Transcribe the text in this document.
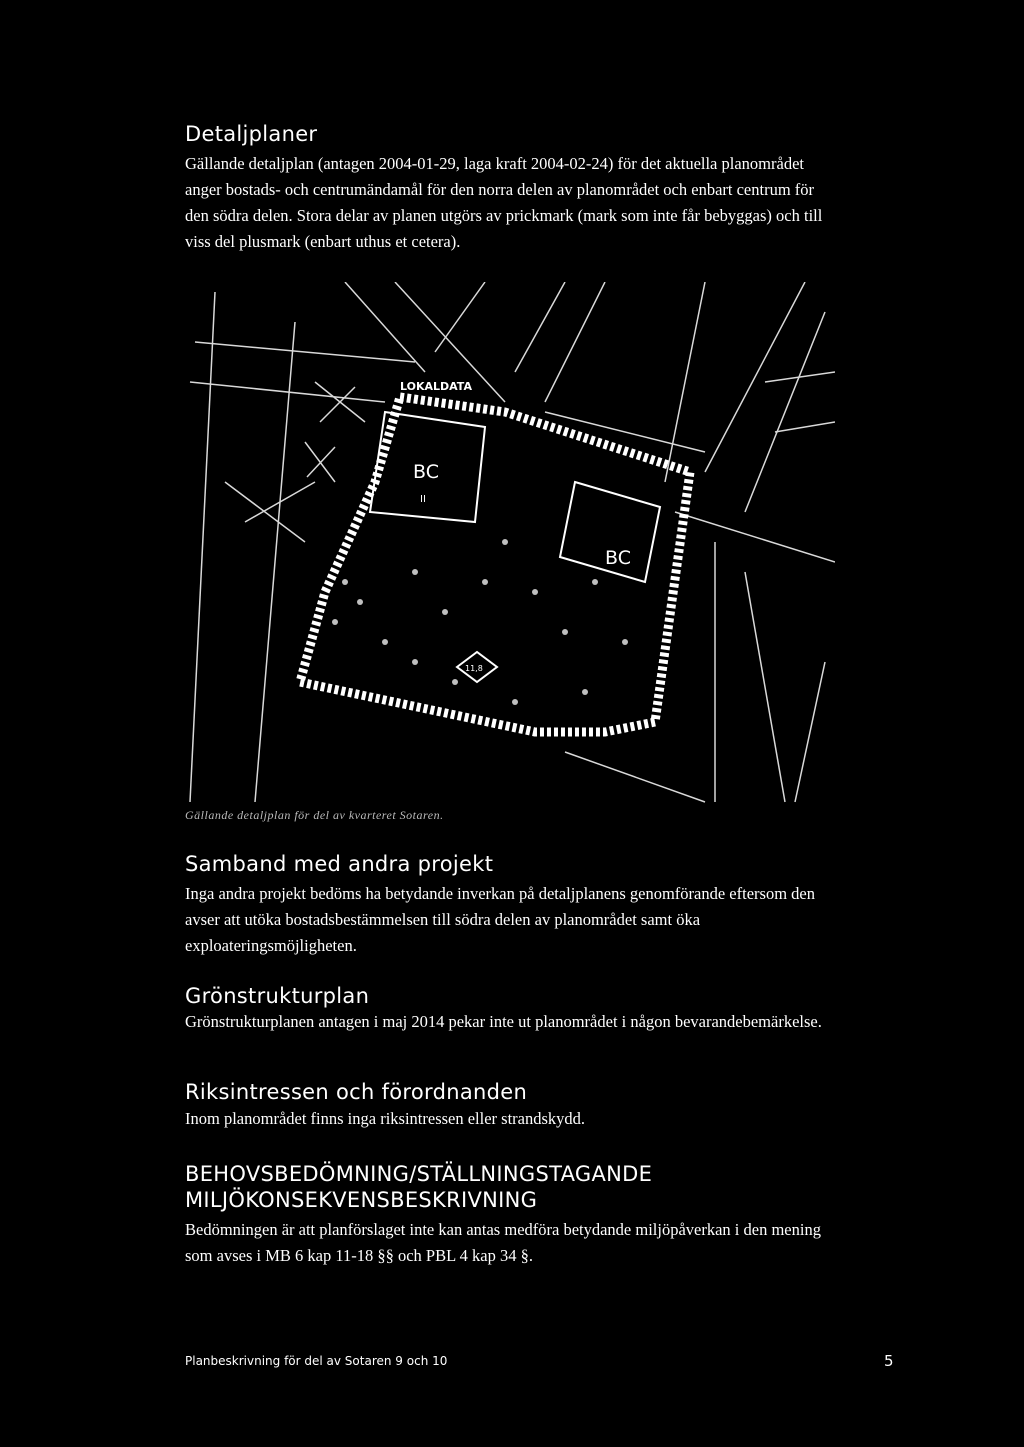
Detaljplaner

Gällande detaljplan (antagen 2004-01-29, laga kraft 2004-02-24) för det aktuella planområdet anger bostads- och centrumändamål för den norra delen av planområdet och enbart centrum för den södra delen. Stora delar av planen utgörs av prickmark (mark som inte får bebyggas) och till viss del plusmark (enbart uthus et cetera).

LOKALDATA
BC
II
BC
11,8
Gällande detaljplan för del av kvarteret Sotaren.
Samband med andra projekt

Inga andra projekt bedöms ha betydande inverkan på detaljplanens genomförande eftersom den avser att utöka bostadsbestämmelsen till södra delen av planområdet samt öka exploateringsmöjligheten.

Grönstrukturplan

Grönstrukturplanen antagen i maj 2014 pekar inte ut planområdet i någon bevarandebemärkelse.

Riksintressen och förordnanden

Inom planområdet finns inga riksintressen eller strandskydd.

BEHOVSBEDÖMNING/STÄLLNINGSTAGANDE
MILJÖKONSEKVENSBESKRIVNING

Bedömningen är att planförslaget inte kan antas medföra betydande miljöpåverkan i den mening som avses i MB 6 kap 11-18 §§ och PBL 4 kap 34 §.

Planbeskrivning för del av Sotaren 9 och 10	5
